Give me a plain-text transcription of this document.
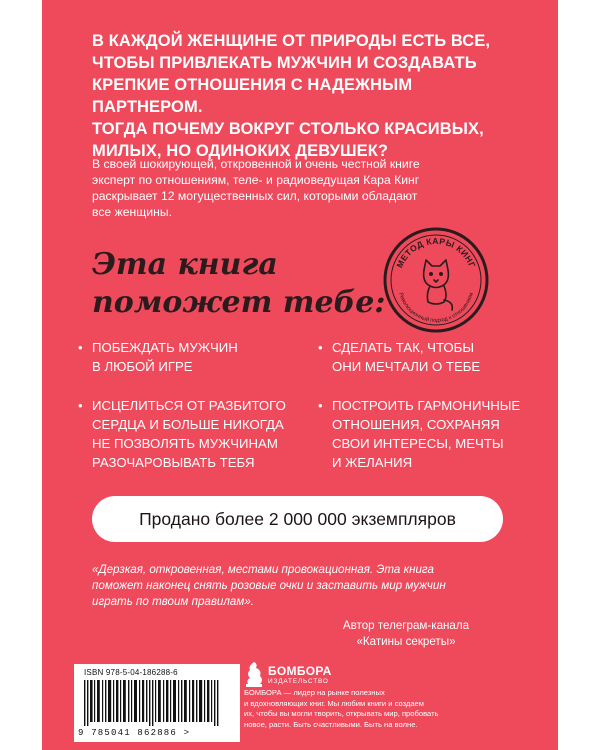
В КАЖДОЙ ЖЕНЩИНЕ ОТ ПРИРОДЫ ЕСТЬ ВСЕ,
ЧТОБЫ ПРИВЛЕКАТЬ МУЖЧИН И СОЗДАВАТЬ
КРЕПКИЕ ОТНОШЕНИЯ С НАДЕЖНЫМ ПАРТНЕРОМ.
ТОГДА ПОЧЕМУ ВОКРУГ СТОЛЬКО КРАСИВЫХ,
МИЛЫХ, НО ОДИНОКИХ ДЕВУШЕК?
В своей шокирующей, откровенной и очень честной книге
эксперт по отношениям, теле- и радиоведущая Кара Кинг
раскрывает 12 могущественных сил, которыми обладают
все женщины.
Эта книга
поможет тебе:
МЕТОД КАРЫ КИНГ
Революционный подход к отношениям
• ПОБЕЖДАТЬ МУЖЧИН
В ЛЮБОЙ ИГРЕ
• СДЕЛАТЬ ТАК, ЧТОБЫ
ОНИ МЕЧТАЛИ О ТЕБЕ
• ИСЦЕЛИТЬСЯ ОТ РАЗБИТОГО
СЕРДЦА И БОЛЬШЕ НИКОГДА
НЕ ПОЗВОЛЯТЬ МУЖЧИНАМ
РАЗОЧАРОВЫВАТЬ ТЕБЯ
• ПОСТРОИТЬ ГАРМОНИЧНЫЕ
ОТНОШЕНИЯ, СОХРАНЯЯ
СВОИ ИНТЕРЕСЫ, МЕЧТЫ
И ЖЕЛАНИЯ
Продано более 2 000 000 экземпляров
«Дерзкая, откровенная, местами провокационная. Эта книга
поможет наконец снять розовые очки и заставить мир мужчин
играть по твоим правилам».
Автор телеграм-канала
«Катины секреты»
ISBN 978-5-04-186288-6
9 785041 862886 >
БОМБОРА
ИЗДАТЕЛЬСТВО
БОМБОРА — лидер на рынке полезных
и вдохновляющих книг. Мы любим книги и создаем
их, чтобы вы могли творить, открывать мир, пробовать
новое, расти. Быть счастливыми. Быть на волне.
